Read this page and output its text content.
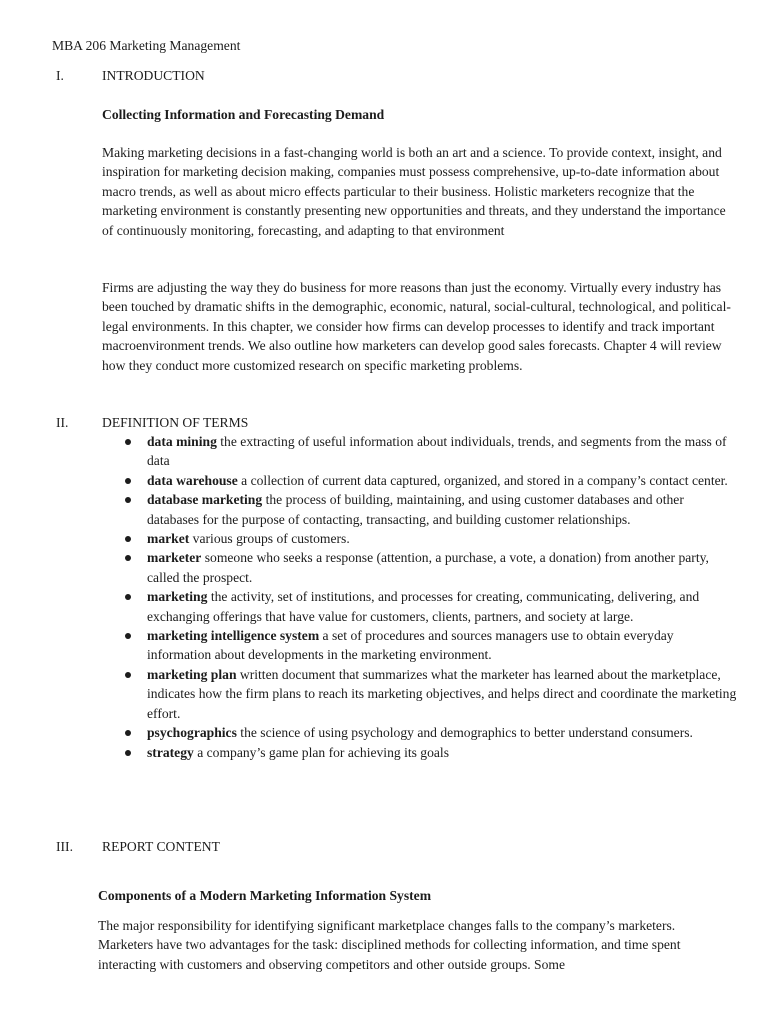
MBA 206 Marketing Management
I.	INTRODUCTION
Collecting Information and Forecasting Demand

Making marketing decisions in a fast-changing world is both an art and a science. To provide context, insight, and inspiration for marketing decision making, companies must possess comprehensive, up-to-date information about macro trends, as well as about micro effects particular to their business. Holistic marketers recognize that the marketing environment is constantly presenting new opportunities and threats, and they understand the importance of continuously monitoring, forecasting, and adapting to that environment

Firms are adjusting the way they do business for more reasons than just the economy. Virtually every industry has been touched by dramatic shifts in the demographic, economic, natural, social-cultural, technological, and political-legal environments. In this chapter, we consider how firms can develop processes to identify and track important macroenvironment trends. We also outline how marketers can develop good sales forecasts. Chapter 4 will review how they conduct more customized research on specific marketing problems.

II. DEFINITION OF TERMS
data mining the extracting of useful information about individuals, trends, and segments from the mass of data
data warehouse a collection of current data captured, organized, and stored in a company’s contact center.
database marketing the process of building, maintaining, and using customer databases and other databases for the purpose of contacting, transacting, and building customer relationships.
market various groups of customers.
marketer someone who seeks a response (attention, a purchase, a vote, a donation) from another party, called the prospect.
marketing the activity, set of institutions, and processes for creating, communicating, delivering, and exchanging offerings that have value for customers, clients, partners, and society at large.
marketing intelligence system a set of procedures and sources managers use to obtain everyday information about developments in the marketing environment.
marketing plan written document that summarizes what the marketer has learned about the marketplace, indicates how the firm plans to reach its marketing objectives, and helps direct and coordinate the marketing effort.
psychographics the science of using psychology and demographics to better understand consumers.
strategy a company’s game plan for achieving its goals
III. REPORT CONTENT
Components of a Modern Marketing Information System

The major responsibility for identifying significant marketplace changes falls to the company’s marketers. Marketers have two advantages for the task: disciplined methods for collecting information, and time spent interacting with customers and observing competitors and other outside groups. Some
